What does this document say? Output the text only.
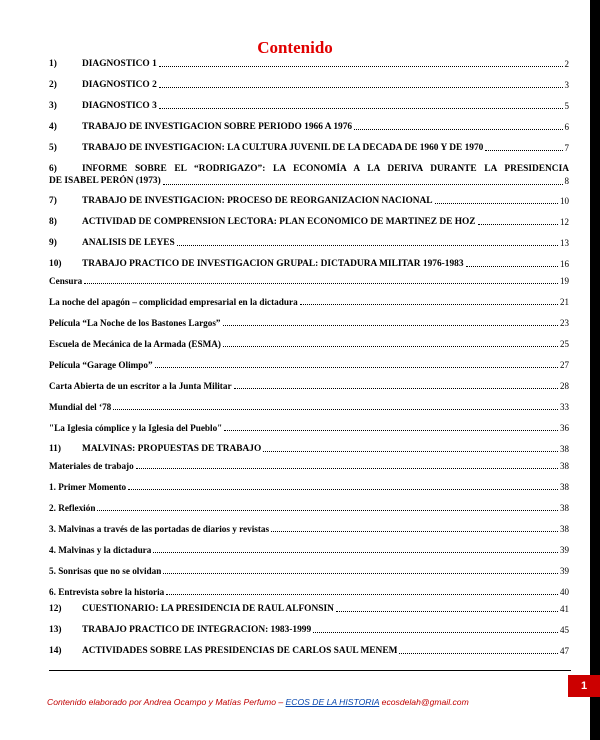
Contenido
1)	DIAGNÓSTICO 1	2
2)	DIAGNÓSTICO 2	3
3)	DIAGNÓSTICO 3	5
4)	TRABAJO DE INVESTIGACIÓN SOBRE PERIODO 1966 A 1976	6
5)	TRABAJO DE INVESTIGACIÓN: LA CULTURA JUVENIL DE LA DÉCADA DE 1960 Y DE 1970	7
6)	INFORME SOBRE EL “RODRIGAZO”: LA ECONOMÍA A LA DERIVA DURANTE LA PRESIDENCIA
DE ISABEL PERÓN (1973)	8
7)	TRABAJO DE INVESTIGACIÓN: PROCESO DE REORGANIZACIÓN NACIONAL	10
8)	ACTIVIDAD DE COMPRENSIÓN LECTORA: PLAN ECONÓMICO DE MARTÍNEZ DE HOZ	12
9)	ANÁLISIS DE LEYES	13
10)	TRABAJO PRÁCTICO DE INVESTIGACIÓN GRUPAL: DICTADURA MILITAR 1976-1983	16
Censura	19
La noche del apagón – complicidad empresarial en la dictadura	21
Película “La Noche de los Bastones Largos”	23
Escuela de Mecánica de la Armada (ESMA)	25
Película “Garage Olimpo”	27
Carta Abierta de un escritor a la Junta Militar	28
Mundial del ‘78	33
"La Iglesia cómplice y la Iglesia del Pueblo"	36
11)	MALVINAS: PROPUESTAS DE TRABAJO	38
Materiales de trabajo	38
1. Primer Momento	38
2. Reflexión	38
3. Malvinas a través de las portadas de diarios y revistas	38
4. Malvinas y la dictadura	39
5. Sonrisas que no se olvidan	39
6. Entrevista sobre la historia	40
12)	CUESTIONARIO: LA PRESIDENCIA DE RAÚL ALFONSÍN	41
13)	TRABAJO PRÁCTICO DE INTEGRACIÓN: 1983-1999	45
14)	ACTIVIDADES SOBRE LAS PRESIDENCIAS DE CARLOS SAÚL MENEM	47
Contenido elaborado por Andrea Ocampo y Matías Perfumo – ECOS DE LA HISTORIA ecosdelah@gmail.com
1
